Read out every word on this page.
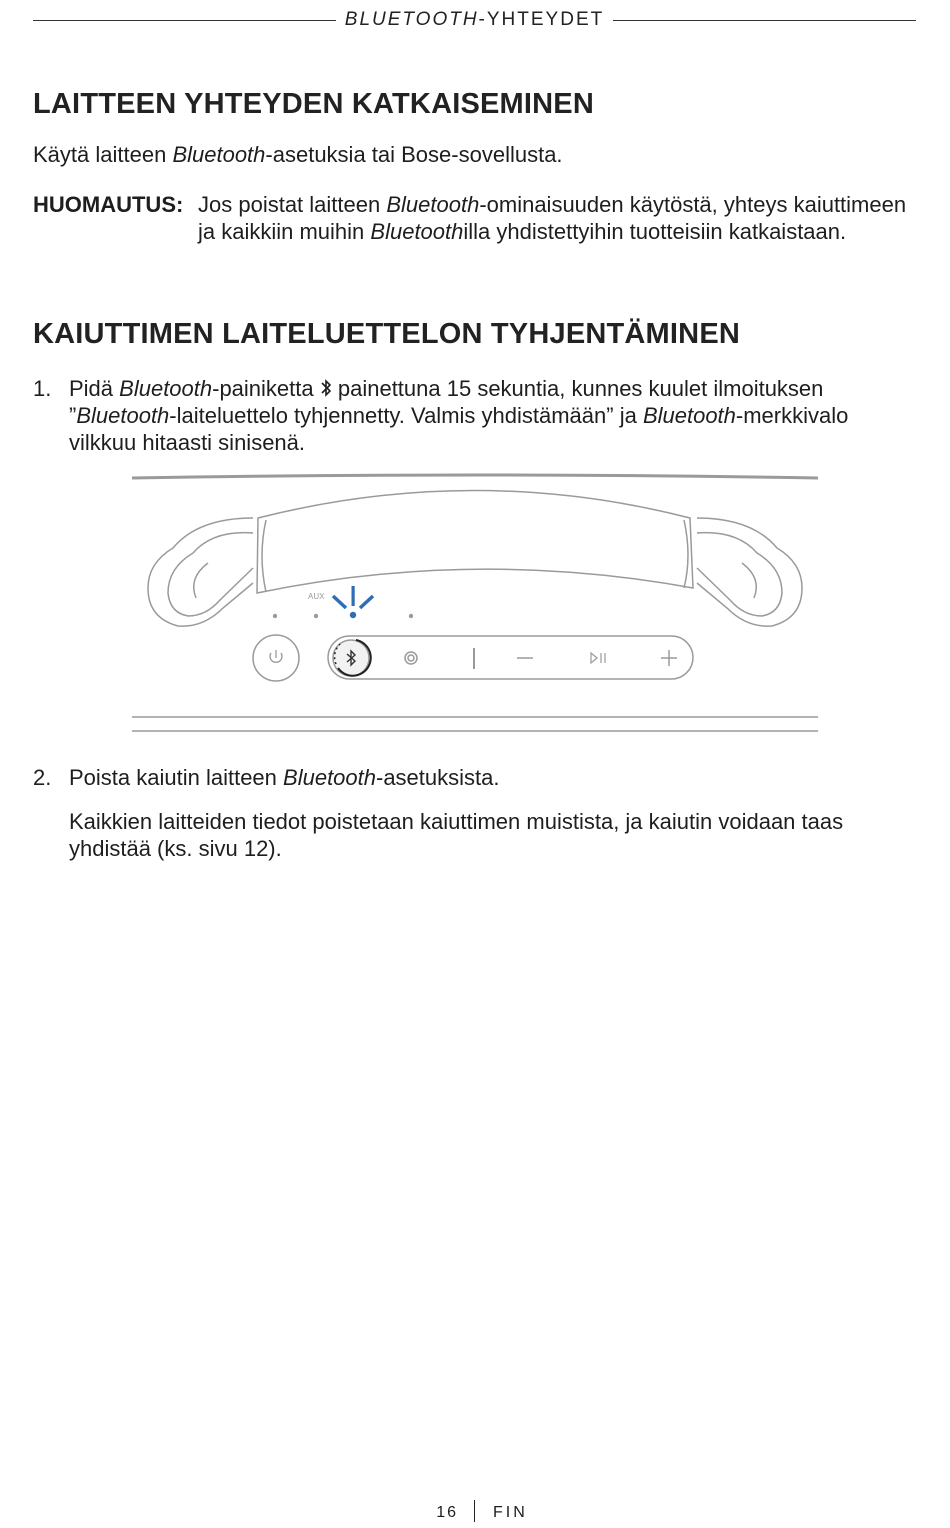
BLUETOOTH-YHTEYDET
LAITTEEN YHTEYDEN KATKAISEMINEN

Käytä laitteen Bluetooth-asetuksia tai Bose-sovellusta.

HUOMAUTUS: Jos poistat laitteen Bluetooth-ominaisuuden käytöstä, yhteys kaiuttimeen ja kaikkiin muihin Bluetoothilla yhdistettyihin tuotteisiin katkaistaan.
KAIUTTIMEN LAITELUETTELON TYHJENTÄMINEN
1. Pidä Bluetooth-painiketta  painettuna 15 sekuntia, kunnes kuulet ilmoituksen ”Bluetooth-laiteluettelo tyhjennetty. Valmis yhdistämään” ja Bluetooth-merkkivalo vilkkuu hitaasti sinisenä.
AUX
2. Poista kaiutin laitteen Bluetooth-asetuksista.

Kaikkien laitteiden tiedot poistetaan kaiuttimen muistista, ja kaiutin voidaan taas yhdistää (ks. sivu 12).

16 FIN
